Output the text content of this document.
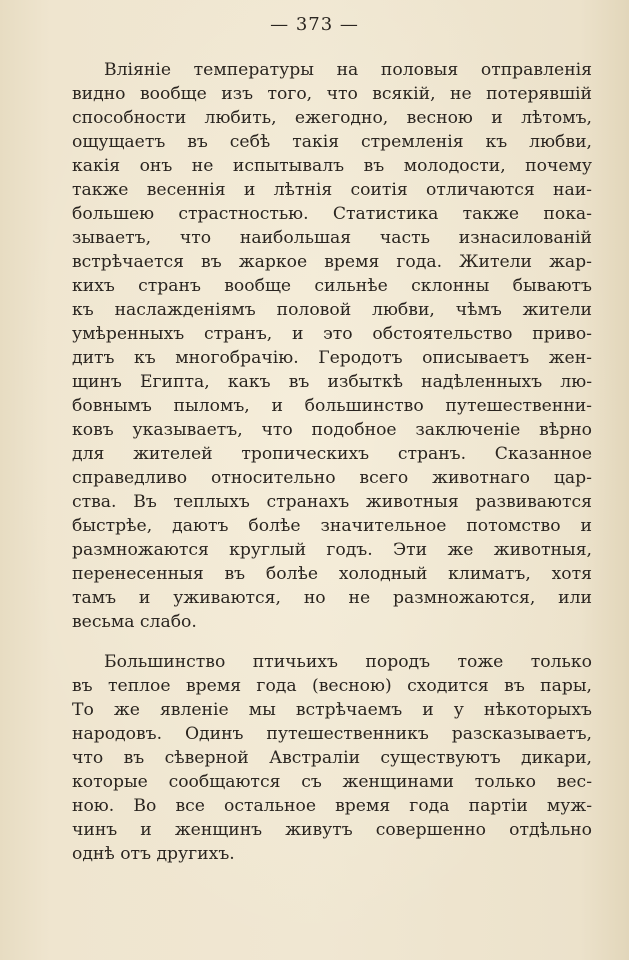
— 373 —
Вліяніе температуры на половыя отправленія
видно вообще изъ того, что всякій, не потерявшій
способности любить, ежегодно, весною и лѣтомъ,
ощущаетъ въ себѣ такія стремленія къ любви,
какія онъ не испытывалъ въ молодости, почему
также весеннія и лѣтнія соитія отличаются наи-
большею страстностью. Статистика также пока-
зываетъ, что наибольшая часть изнасилованій
встрѣчается въ жаркое время года. Жители жар-
кихъ странъ вообще сильнѣе склонны бываютъ
къ наслажденіямъ половой любви, чѣмъ жители
умѣренныхъ странъ, и это обстоятельство приво-
дитъ къ многобрачію. Геродотъ описываетъ жен-
щинъ Египта, какъ въ избыткѣ надѣленныхъ лю-
бовнымъ пыломъ, и большинство путешественни-
ковъ указываетъ, что подобное заключеніе вѣрно
для жителей тропическихъ странъ. Сказанное
справедливо относительно всего животнаго цар-
ства. Въ теплыхъ странахъ животныя развиваются
быстрѣе, даютъ болѣе значительное потомство и
размножаются круглый годъ. Эти же животныя,
перенесенныя въ болѣе холодный климатъ, хотя
тамъ и уживаются, но не размножаются, или
весьма слабо.
Большинство птичьихъ породъ тоже только
въ теплое время года (весною) сходится въ пары,
То же явленіе мы встрѣчаемъ и у нѣкоторыхъ
народовъ. Одинъ путешественникъ разсказываетъ,
что въ сѣверной Австраліи существуютъ дикари,
которые сообщаются съ женщинами только вес-
ною. Во все остальное время года партіи муж-
чинъ и женщинъ живутъ совершенно отдѣльно
однѣ отъ другихъ.
